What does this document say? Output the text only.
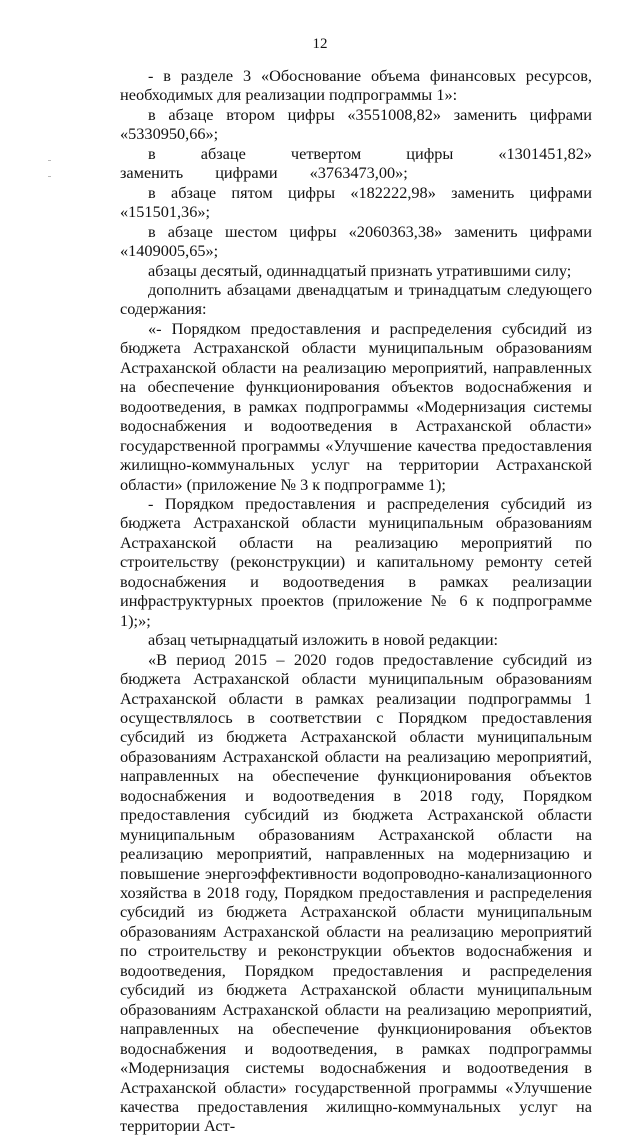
12

- в разделе 3 «Обоснование объема финансовых ресурсов, необходимых для реализации подпрограммы 1»:

в абзаце втором цифры «3551008,82» заменить цифрами «5330950,66»;

в абзаце четвертом цифры «1301451,82» заменить цифрами «3763473,00»;

в абзаце пятом цифры «182222,98» заменить цифрами «151501,36»;

в абзаце шестом цифры «2060363,38» заменить цифрами «1409005,65»;

абзацы десятый, одиннадцатый признать утратившими силу;

дополнить абзацами двенадцатым и тринадцатым следующего содержания:

«- Порядком предоставления и распределения субсидий из бюджета Астраханской области муниципальным образованиям Астраханской области на реализацию мероприятий, направленных на обеспечение функционирования объектов водоснабжения и водоотведения, в рамках подпрограммы «Модернизация системы водоснабжения и водоотведения в Астраханской области» государственной программы «Улучшение качества предоставления жилищно-коммунальных услуг на территории Астраханской области» (приложение № 3 к подпрограмме 1);

- Порядком предоставления и распределения субсидий из бюджета Астраханской области муниципальным образованиям Астраханской области на реализацию мероприятий по строительству (реконструкции) и капитальному ремонту сетей водоснабжения и водоотведения в рамках реализации инфраструктурных проектов (приложение № 6 к подпрограмме 1);»;

абзац четырнадцатый изложить в новой редакции:

«В период 2015 – 2020 годов предоставление субсидий из бюджета Астраханской области муниципальным образованиям Астраханской области в рамках реализации подпрограммы 1 осуществлялось в соответствии с Порядком предоставления субсидий из бюджета Астраханской области муниципальным образованиям Астраханской области на реализацию мероприятий, направленных на обеспечение функционирования объектов водоснабжения и водоотведения в 2018 году, Порядком предоставления субсидий из бюджета Астраханской области муниципальным образованиям Астраханской области на реализацию мероприятий, направленных на модернизацию и повышение энергоэффективности водопроводно-канализационного хозяйства в 2018 году, Порядком предоставления и распределения субсидий из бюджета Астраханской области муниципальным образованиям Астраханской области на реализацию мероприятий по строительству и реконструкции объектов водоснабжения и водоотведения, Порядком предоставления и распределения субсидий из бюджета Астраханской области муниципальным образованиям Астраханской области на реализацию мероприятий, направленных на обеспечение функционирования объектов водоснабжения и водоотведения, в рамках подпрограммы «Модернизация системы водоснабжения и водоотведения в Астраханской области» государственной программы «Улучшение качества предоставления жилищно-коммунальных услуг на территории Аст-
